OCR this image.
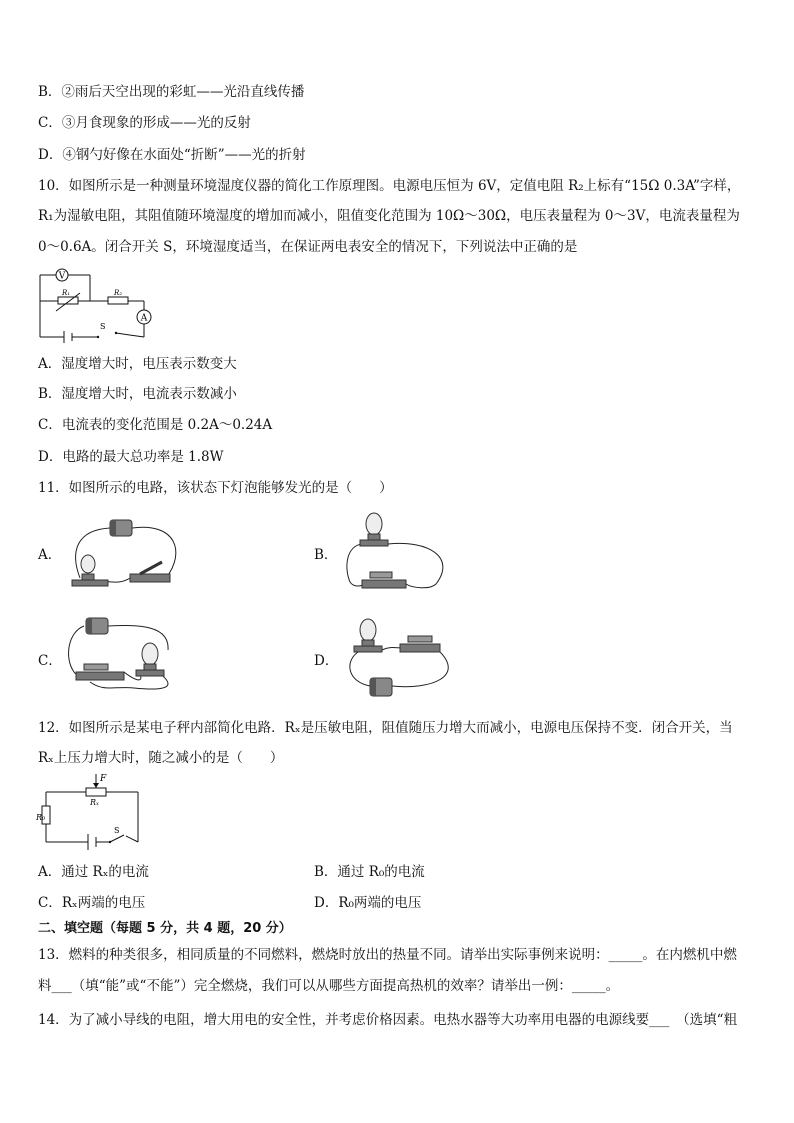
B．②雨后天空出现的彩虹——光沿直线传播
C．③月食现象的形成——光的反射
D．④钢勺好像在水面处“折断”——光的折射
10．如图所示是一种测量环境湿度仪器的简化工作原理图。电源电压恒为 6V，定值电阻 R₂上标有“15Ω 0.3A”字样，
R₁为湿敏电阻，其阻值随环境湿度的增加而减小，阻值变化范围为 10Ω～30Ω，电压表量程为 0～3V，电流表量程为
0～0.6A。闭合开关 S，环境湿度适当，在保证两电表安全的情况下，下列说法中正确的是
V
A
R₁	R₂
S
A．湿度增大时，电压表示数变大
B．湿度增大时，电流表示数减小
C．电流表的变化范围是 0.2A～0.24A
D．电路的最大总功率是 1.8W
11．如图所示的电路，该状态下灯泡能够发光的是（　　）
A．	B．
C．	D．
12．如图所示是某电子秤内部简化电路．Rₓ是压敏电阻，阻值随压力增大而减小，电源电压保持不变．闭合开关，当
Rₓ上压力增大时，随之减小的是（　　）
F
Rₓ
R₀
S
A．通过 Rₓ的电流	B．通过 R₀的电流
C．Rₓ两端的电压	D．R₀两端的电压
二、填空题（每题 5 分，共 4 题，20 分）
13．燃料的种类很多，相同质量的不同燃料，燃烧时放出的热量不同。请举出实际事例来说明：_____。在内燃机中燃
料___（填“能”或“不能”）完全燃烧，我们可以从哪些方面提高热机的效率？请举出一例：_____。
14．为了减小导线的电阻，增大用电的安全性，并考虑价格因素。电热水器等大功率用电器的电源线要___　（选填“粗
